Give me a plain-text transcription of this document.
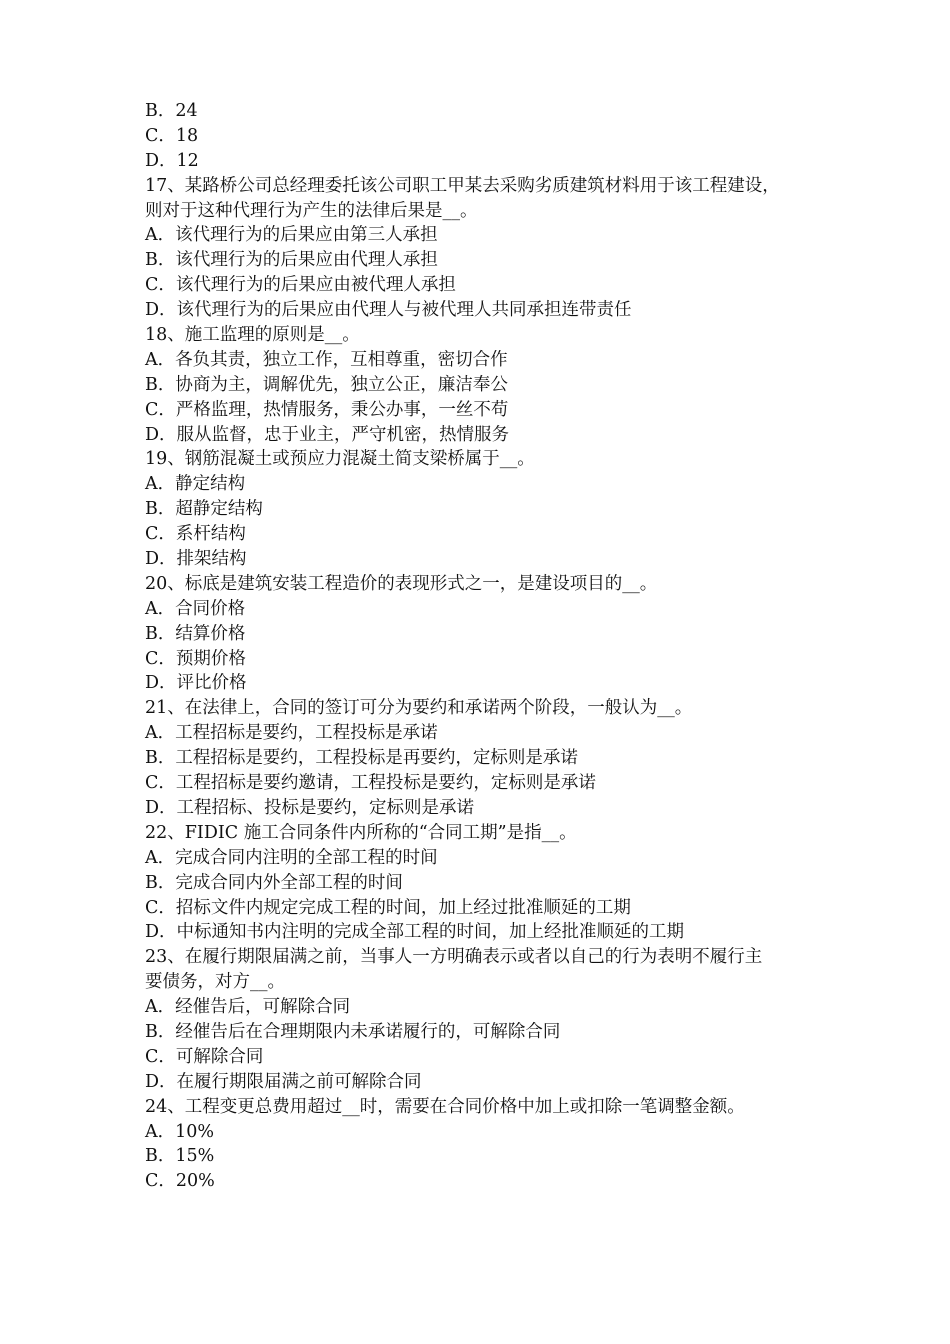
B．24
C．18
D．12
17、某路桥公司总经理委托该公司职工甲某去采购劣质建筑材料用于该工程建设，
则对于这种代理行为产生的法律后果是__。
A．该代理行为的后果应由第三人承担
B．该代理行为的后果应由代理人承担
C．该代理行为的后果应由被代理人承担
D．该代理行为的后果应由代理人与被代理人共同承担连带责任
18、施工监理的原则是__。
A．各负其责，独立工作，互相尊重，密切合作
B．协商为主，调解优先，独立公正，廉洁奉公
C．严格监理，热情服务，秉公办事，一丝不苟
D．服从监督，忠于业主，严守机密，热情服务
19、钢筋混凝土或预应力混凝土简支梁桥属于__。
A．静定结构
B．超静定结构
C．系杆结构
D．排架结构
20、标底是建筑安装工程造价的表现形式之一，是建设项目的__。
A．合同价格
B．结算价格
C．预期价格
D．评比价格
21、在法律上，合同的签订可分为要约和承诺两个阶段，一般认为__。
A．工程招标是要约，工程投标是承诺
B．工程招标是要约，工程投标是再要约，定标则是承诺
C．工程招标是要约邀请，工程投标是要约，定标则是承诺
D．工程招标、投标是要约，定标则是承诺
22、FIDIC 施工合同条件内所称的“合同工期”是指__。
A．完成合同内注明的全部工程的时间
B．完成合同内外全部工程的时间
C．招标文件内规定完成工程的时间，加上经过批准顺延的工期
D．中标通知书内注明的完成全部工程的时间，加上经批准顺延的工期
23、在履行期限届满之前，当事人一方明确表示或者以自己的行为表明不履行主
要债务，对方__。
A．经催告后，可解除合同
B．经催告后在合理期限内未承诺履行的，可解除合同
C．可解除合同
D．在履行期限届满之前可解除合同
24、工程变更总费用超过__时，需要在合同价格中加上或扣除一笔调整金额。
A．10%
B．15%
C．20%
